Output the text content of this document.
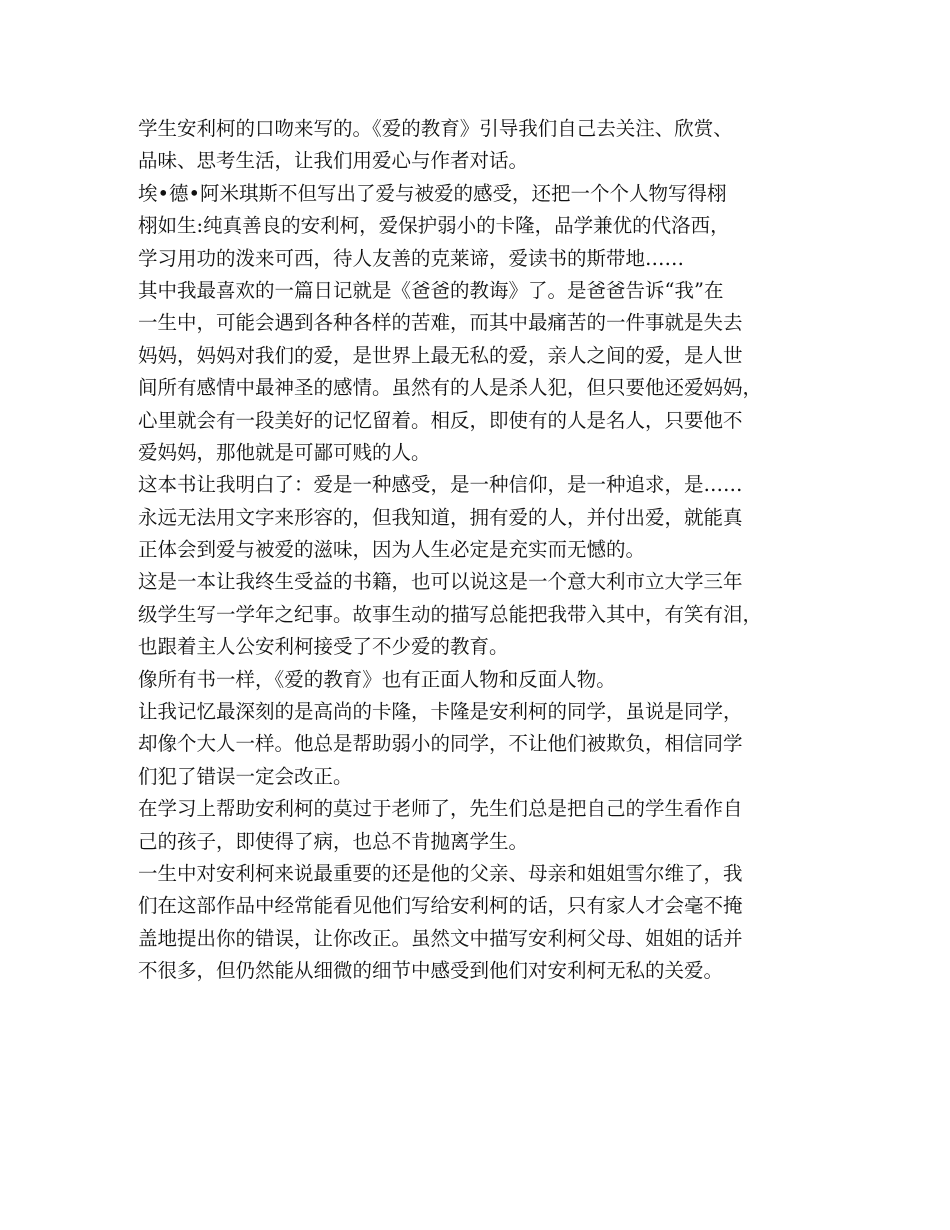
学生安利柯的口吻来写的。《爱的教育》引导我们自己去关注、欣赏、
品味、思考生活，让我们用爱心与作者对话。
埃•德•阿米琪斯不但写出了爱与被爱的感受，还把一个个人物写得栩
栩如生:纯真善良的安利柯，爱保护弱小的卡隆，品学兼优的代洛西，
学习用功的泼来可西，待人友善的克莱谛，爱读书的斯带地……
其中我最喜欢的一篇日记就是《爸爸的教诲》了。是爸爸告诉“我”在
一生中，可能会遇到各种各样的苦难，而其中最痛苦的一件事就是失去
妈妈，妈妈对我们的爱，是世界上最无私的爱，亲人之间的爱，是人世
间所有感情中最神圣的感情。虽然有的人是杀人犯，但只要他还爱妈妈，
心里就会有一段美好的记忆留着。相反，即使有的人是名人，只要他不
爱妈妈，那他就是可鄙可贱的人。
这本书让我明白了：爱是一种感受，是一种信仰，是一种追求，是……
永远无法用文字来形容的，但我知道，拥有爱的人，并付出爱，就能真
正体会到爱与被爱的滋味，因为人生必定是充实而无憾的。
这是一本让我终生受益的书籍，也可以说这是一个意大利市立大学三年
级学生写一学年之纪事。故事生动的描写总能把我带入其中，有笑有泪，
也跟着主人公安利柯接受了不少爱的教育。
像所有书一样，《爱的教育》也有正面人物和反面人物。
让我记忆最深刻的是高尚的卡隆，卡隆是安利柯的同学，虽说是同学，
却像个大人一样。他总是帮助弱小的同学，不让他们被欺负，相信同学
们犯了错误一定会改正。
在学习上帮助安利柯的莫过于老师了，先生们总是把自己的学生看作自
己的孩子，即使得了病，也总不肯抛离学生。
一生中对安利柯来说最重要的还是他的父亲、母亲和姐姐雪尔维了，我
们在这部作品中经常能看见他们写给安利柯的话，只有家人才会毫不掩
盖地提出你的错误，让你改正。虽然文中描写安利柯父母、姐姐的话并
不很多，但仍然能从细微的细节中感受到他们对安利柯无私的关爱。
